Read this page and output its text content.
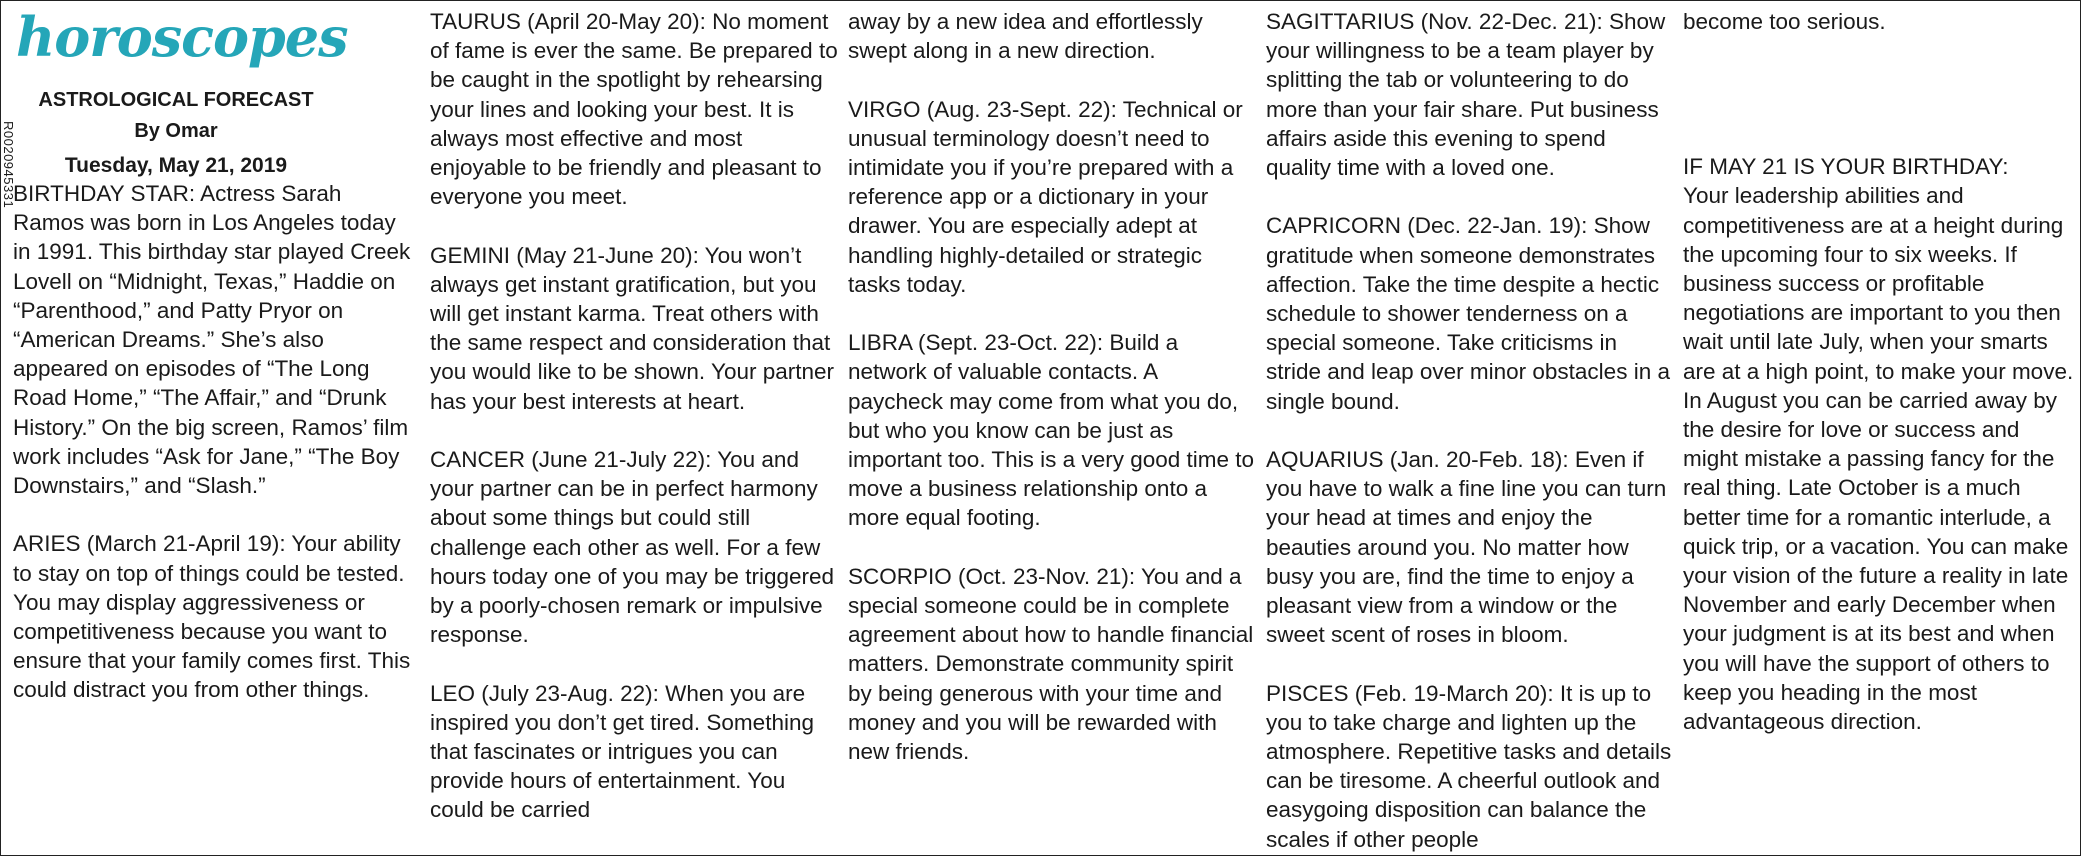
R002094533​1
horoscopes
ASTROLOGICAL FORECAST
By Omar
Tuesday, May 21, 2019

BIRTHDAY STAR: Actress Sarah Ramos was born in Los Angeles today in 1991. This birthday star played Creek Lovell on “Midnight, Texas,” Haddie on “Parenthood,” and Patty Pryor on “American Dreams.” She’s also appeared on episodes of “The Long Road Home,” “The Affair,” and “Drunk History.” On the big screen, Ramos’ film work includes “Ask for Jane,” “The Boy Downstairs,” and “Slash.”

ARIES (March 21-April 19): Your ability to stay on top of things could be tested. You may display aggressiveness or competitiveness because you want to ensure that your family comes first. This could distract you from other things.

TAURUS (April 20-May 20): No moment of fame is ever the same. Be prepared to be caught in the spotlight by rehearsing your lines and looking your best. It is always most effective and most enjoyable to be friendly and pleasant to everyone you meet.

GEMINI (May 21-June 20): You won’t always get instant gratification, but you will get instant karma. Treat others with the same respect and consideration that you would like to be shown. Your partner has your best interests at heart.

CANCER (June 21-July 22): You and your partner can be in perfect harmony about some things but could still challenge each other as well. For a few hours today one of you may be triggered by a poorly-chosen remark or impulsive response.

LEO (July 23-Aug. 22): When you are inspired you don’t get tired. Something that fascinates or intrigues you can provide hours of entertainment. You could be carried

away by a new idea and effortlessly swept along in a new direction.

VIRGO (Aug. 23-Sept. 22): Technical or unusual terminology doesn’t need to intimidate you if you’re prepared with a reference app or a dictionary in your drawer. You are especially adept at handling highly-detailed or strategic tasks today.

LIBRA (Sept. 23-Oct. 22): Build a network of valuable contacts. A paycheck may come from what you do, but who you know can be just as important too. This is a very good time to move a business relationship onto a more equal footing.

SCORPIO (Oct. 23-Nov. 21): You and a special someone could be in complete agreement about how to handle financial matters. Demonstrate community spirit by being generous with your time and money and you will be rewarded with new friends.

SAGITTARIUS (Nov. 22-Dec. 21): Show your willingness to be a team player by splitting the tab or volunteering to do more than your fair share. Put business affairs aside this evening to spend quality time with a loved one.

CAPRICORN (Dec. 22-Jan. 19): Show gratitude when someone demonstrates affection. Take the time despite a hectic schedule to shower tenderness on a special someone. Take criticisms in stride and leap over minor obstacles in a single bound.

AQUARIUS (Jan. 20-Feb. 18): Even if you have to walk a fine line you can turn your head at times and enjoy the beauties around you. No matter how busy you are, find the time to enjoy a pleasant view from a window or the sweet scent of roses in bloom.

PISCES (Feb. 19-March 20): It is up to you to take charge and lighten up the atmosphere. Repetitive tasks and details can be tiresome. A cheerful outlook and easygoing disposition can balance the scales if other people

become too serious.

IF MAY 21 IS YOUR BIRTHDAY:
Your leadership abilities and competitiveness are at a height during the upcoming four to six weeks. If business success or profitable negotiations are important to you then wait until late July, when your smarts are at a high point, to make your move. In August you can be carried away by the desire for love or success and might mistake a passing fancy for the real thing. Late October is a much better time for a romantic interlude, a quick trip, or a vacation. You can make your vision of the future a reality in late November and early December when your judgment is at its best and when you will have the support of others to keep you heading in the most advantageous direction.
